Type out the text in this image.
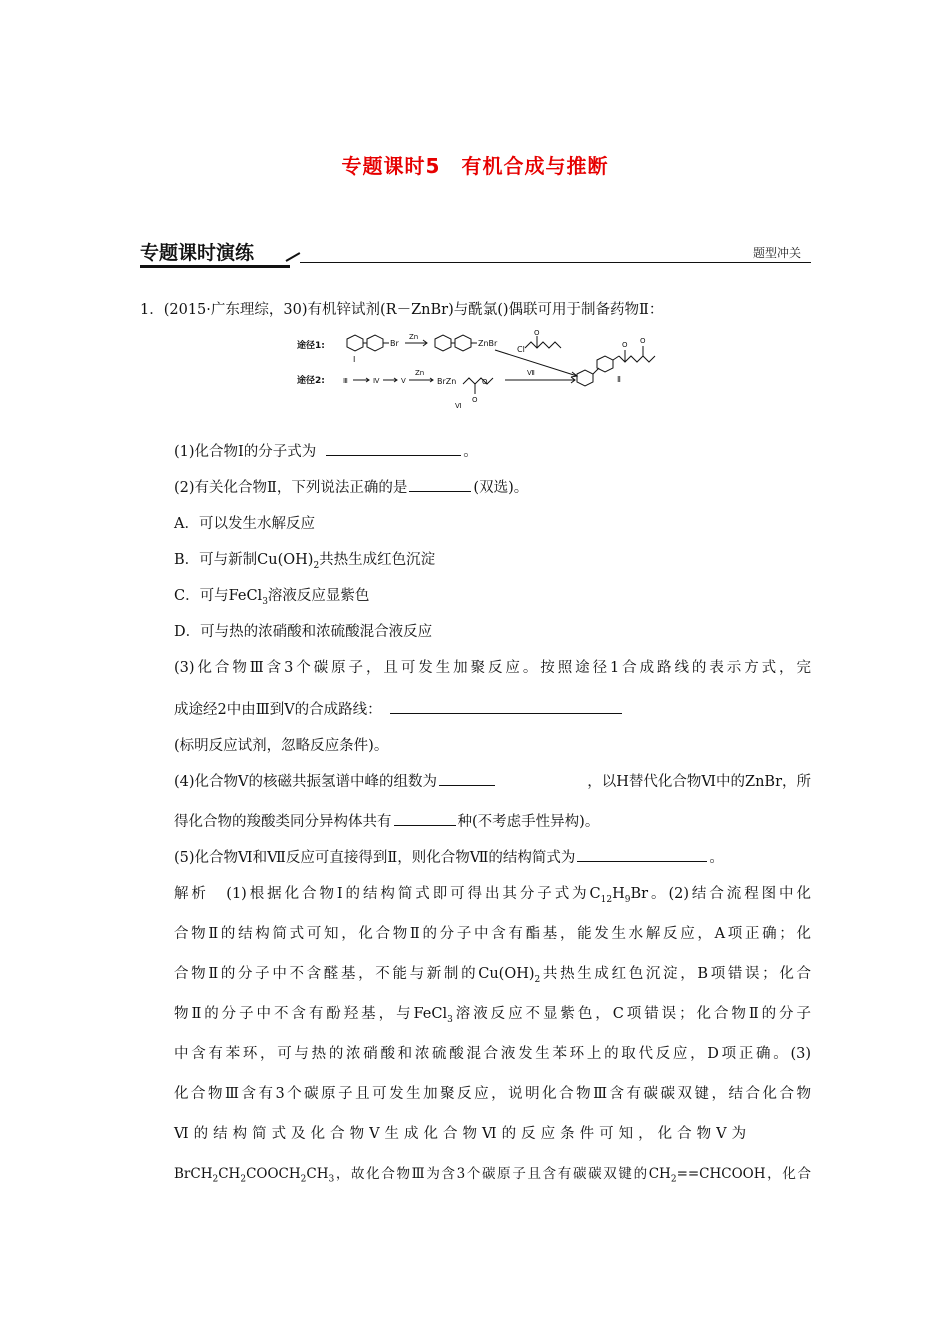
专题课时5　有机合成与推断
专题课时演练	题型冲关
1．(2015·广东理综，30)有机锌试剂(R－ZnBr)与酰氯()偶联可用于制备药物Ⅱ：
途径1:	Br
Zn
ZnBr
Cl
O
Ⅰ
途径2:	Ⅲ	Ⅳ	Ⅴ
Zn
BrZn	O
O
Ⅵ
Ⅶ
O O
Ⅱ
(1)化合物Ⅰ的分子式为	。
(2)有关化合物Ⅱ，下列说法正确的是	(双选)。
A．可以发生水解反应
B．可与新制$Cu(OH)_2$共热生成红色沉淀
C．可与FeCl$_3$溶液反应显紫色
D．可与热的浓硝酸和浓硫酸混合液反应
(3)化合物Ⅲ含3个碳原子，且可发生加聚反应。按照途径1合成路线的表示方式，完
成途经2中由Ⅲ到Ⅴ的合成路线：
(标明反应试剂，忽略反应条件)。
(4)化合物Ⅴ的核磁共振氢谱中峰的组数为	，以H替代化合物Ⅵ中的ZnBr，所
得化合物的羧酸类同分异构体共有	种(不考虑手性异构)。
(5)化合物Ⅵ和Ⅶ反应可直接得到Ⅱ，则化合物Ⅶ的结构简式为	。
解析　(1)根据化合物Ⅰ的结构简式即可得出其分子式为$C_{12}H_9Br$。(2)结合流程图中化
合物Ⅱ的结构简式可知，化合物Ⅱ的分子中含有酯基，能发生水解反应，A项正确；化
合物Ⅱ的分子中不含醛基，不能与新制的$Cu(OH)_2$共热生成红色沉淀，B项错误；化合
物Ⅱ的分子中不含有酚羟基，与FeCl$_3$溶液反应不显紫色，C项错误；化合物Ⅱ的分子
中含有苯环，可与热的浓硝酸和浓硫酸混合液发生苯环上的取代反应，D项正确。(3)
化合物Ⅲ含有3个碳原子且可发生加聚反应，说明化合物Ⅲ含有碳碳双键，结合化合物
Ⅵ的结构简式及化合物Ⅴ生成化合物Ⅵ的反应条件可知，化合物Ⅴ为
$BrCH_2CH_2COOCH_2CH_3$，故化合物Ⅲ为含3个碳原子且含有碳碳双键的$CH_2==CHCOOH$，化合
